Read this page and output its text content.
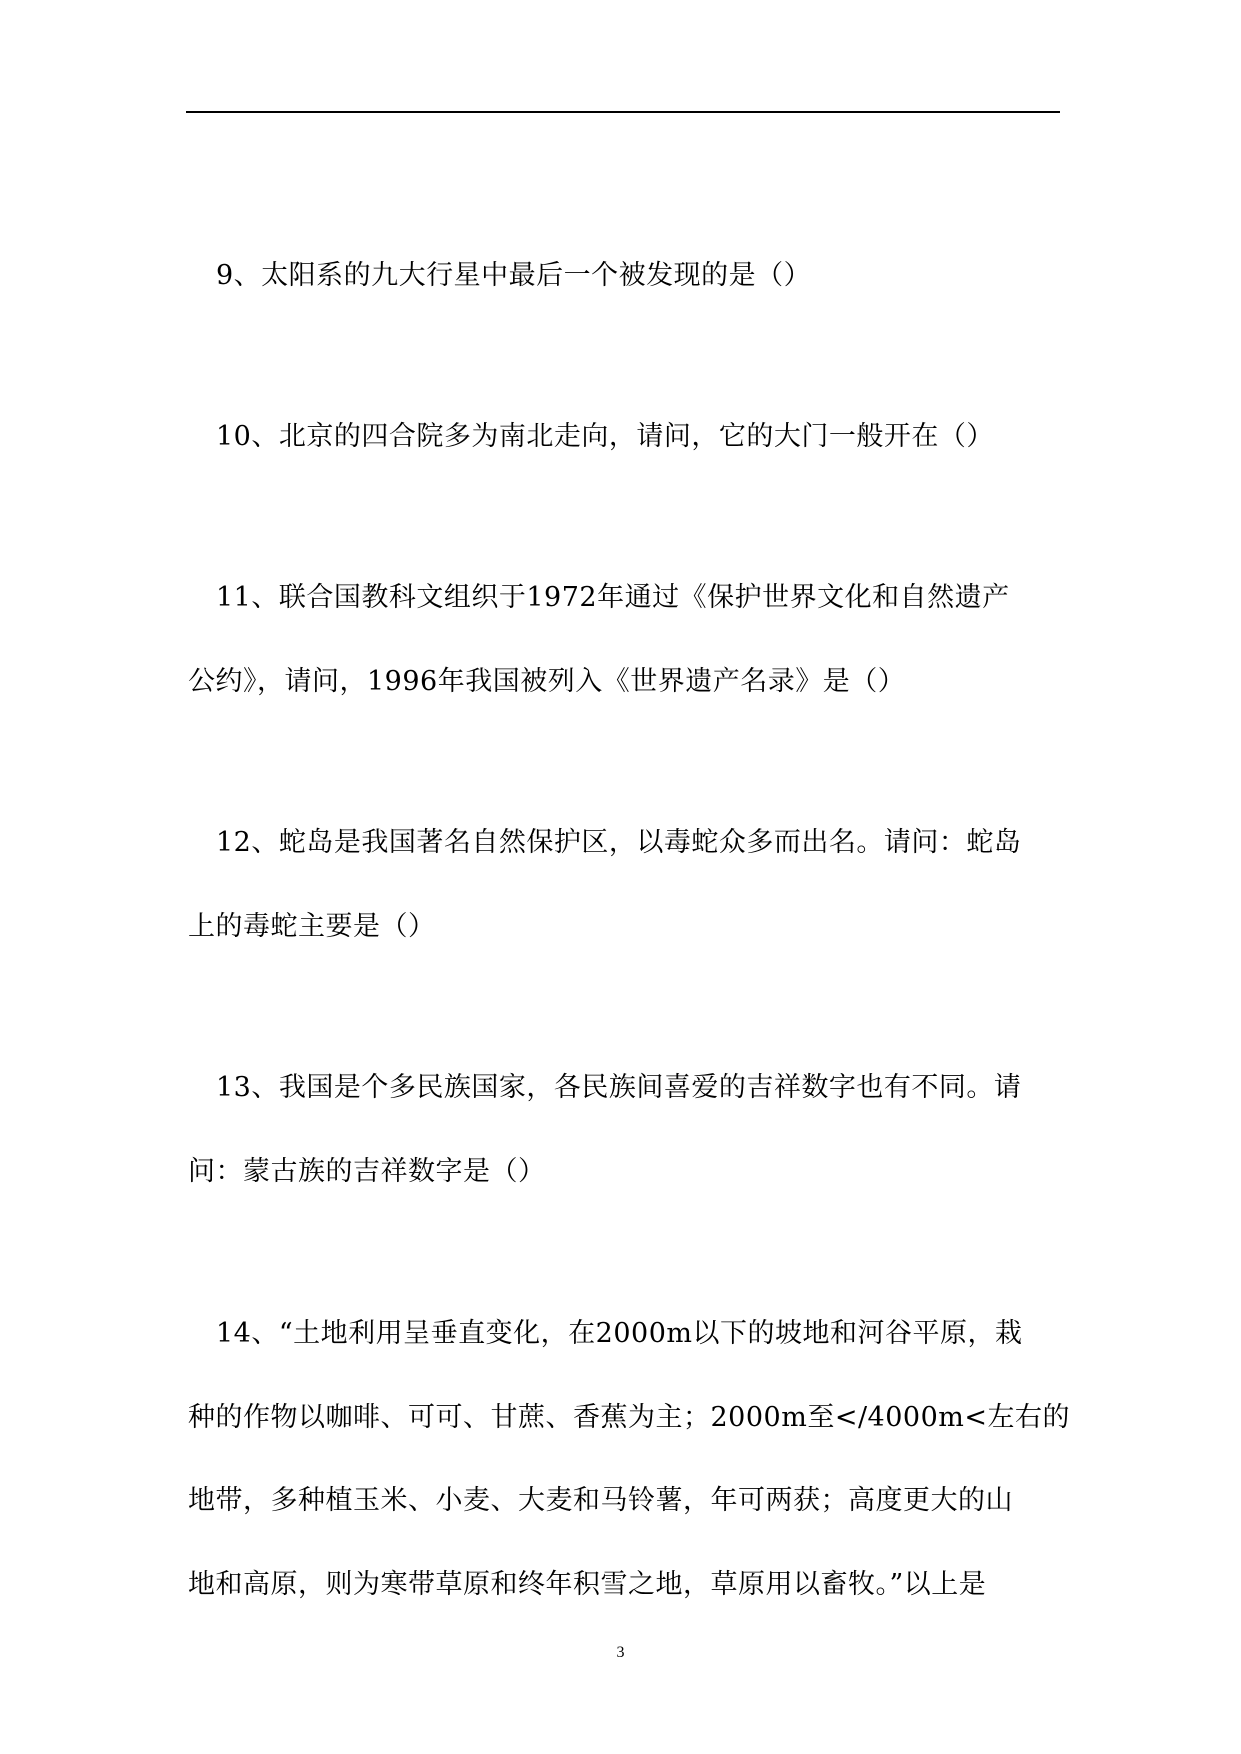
9、太阳系的九大行星中最后一个被发现的是（）
10、北京的四合院多为南北走向，请问，它的大门一般开在（）
11、联合国教科文组织于1972年通过《保护世界文化和自然遗产
公约》，请问，1996年我国被列入《世界遗产名录》是（）
12、蛇岛是我国著名自然保护区，以毒蛇众多而出名。请问：蛇岛
上的毒蛇主要是（）
13、我国是个多民族国家，各民族间喜爱的吉祥数字也有不同。请
问：蒙古族的吉祥数字是（）
14、“土地利用呈垂直变化，在2000m以下的坡地和河谷平原，栽
种的作物以咖啡、可可、甘蔗、香蕉为主；2000m至</4000m<左右的
地带，多种植玉米、小麦、大麦和马铃薯，年可两获；高度更大的山
地和高原，则为寒带草原和终年积雪之地，草原用以畜牧。”以上是
3
